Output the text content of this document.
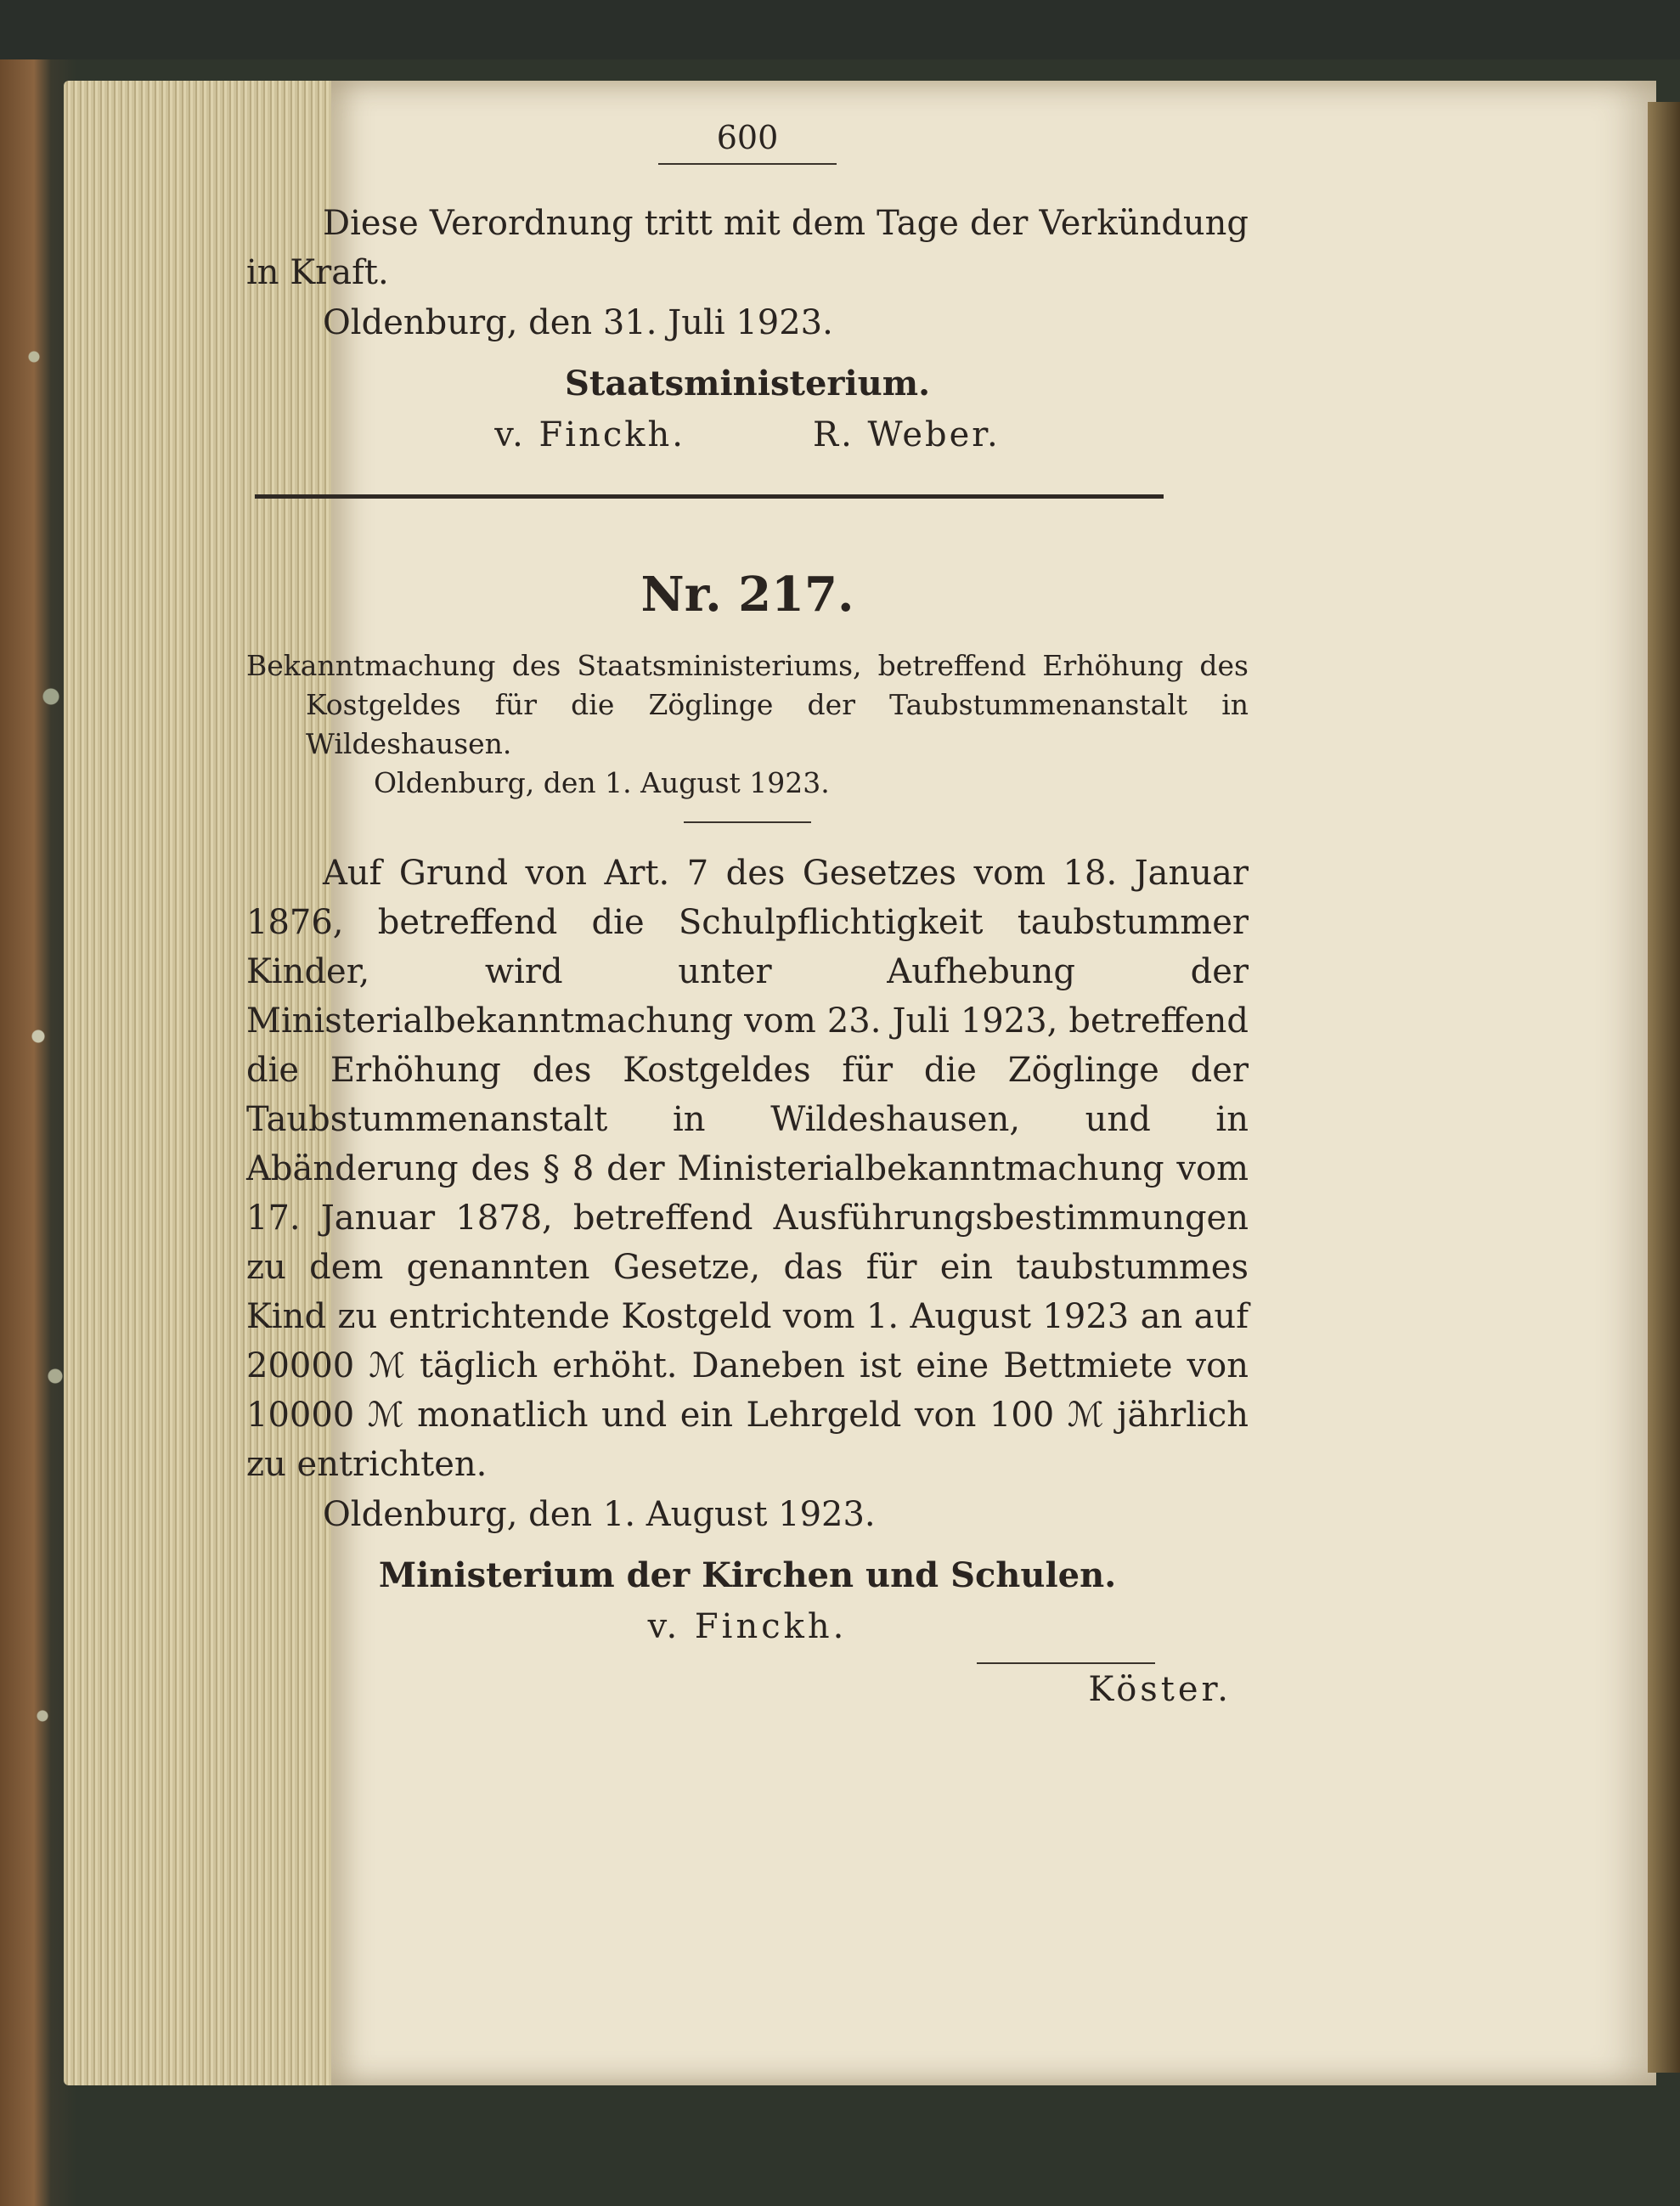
600

Diese Verordnung tritt mit dem Tage der Verkündung in Kraft.

Oldenburg, den 31. Juli 1923.

Staatsministerium.

v. Finckh.	R. Weber.

Nr. 217.

Bekanntmachung des Staatsministeriums, betreffend Erhöhung des Kostgeldes für die Zöglinge der Taubstummenanstalt in Wildeshausen.

Oldenburg, den 1. August 1923.

Auf Grund von Art. 7 des Gesetzes vom 18. Januar 1876, betreffend die Schulpflichtigkeit taubstummer Kinder, wird unter Aufhebung der Ministerialbekanntmachung vom 23. Juli 1923, betreffend die Erhöhung des Kostgeldes für die Zöglinge der Taubstummenanstalt in Wildeshausen, und in Abänderung des § 8 der Ministerialbekanntmachung vom 17. Januar 1878, betreffend Ausführungsbestimmungen zu dem genannten Gesetze, das für ein taubstummes Kind zu entrichtende Kostgeld vom 1. August 1923 an auf 20000 ℳ täglich erhöht. Daneben ist eine Bettmiete von 10000 ℳ monatlich und ein Lehrgeld von 100 ℳ jährlich zu entrichten.

Oldenburg, den 1. August 1923.

Ministerium der Kirchen und Schulen.

v. Finckh.

Köster.
